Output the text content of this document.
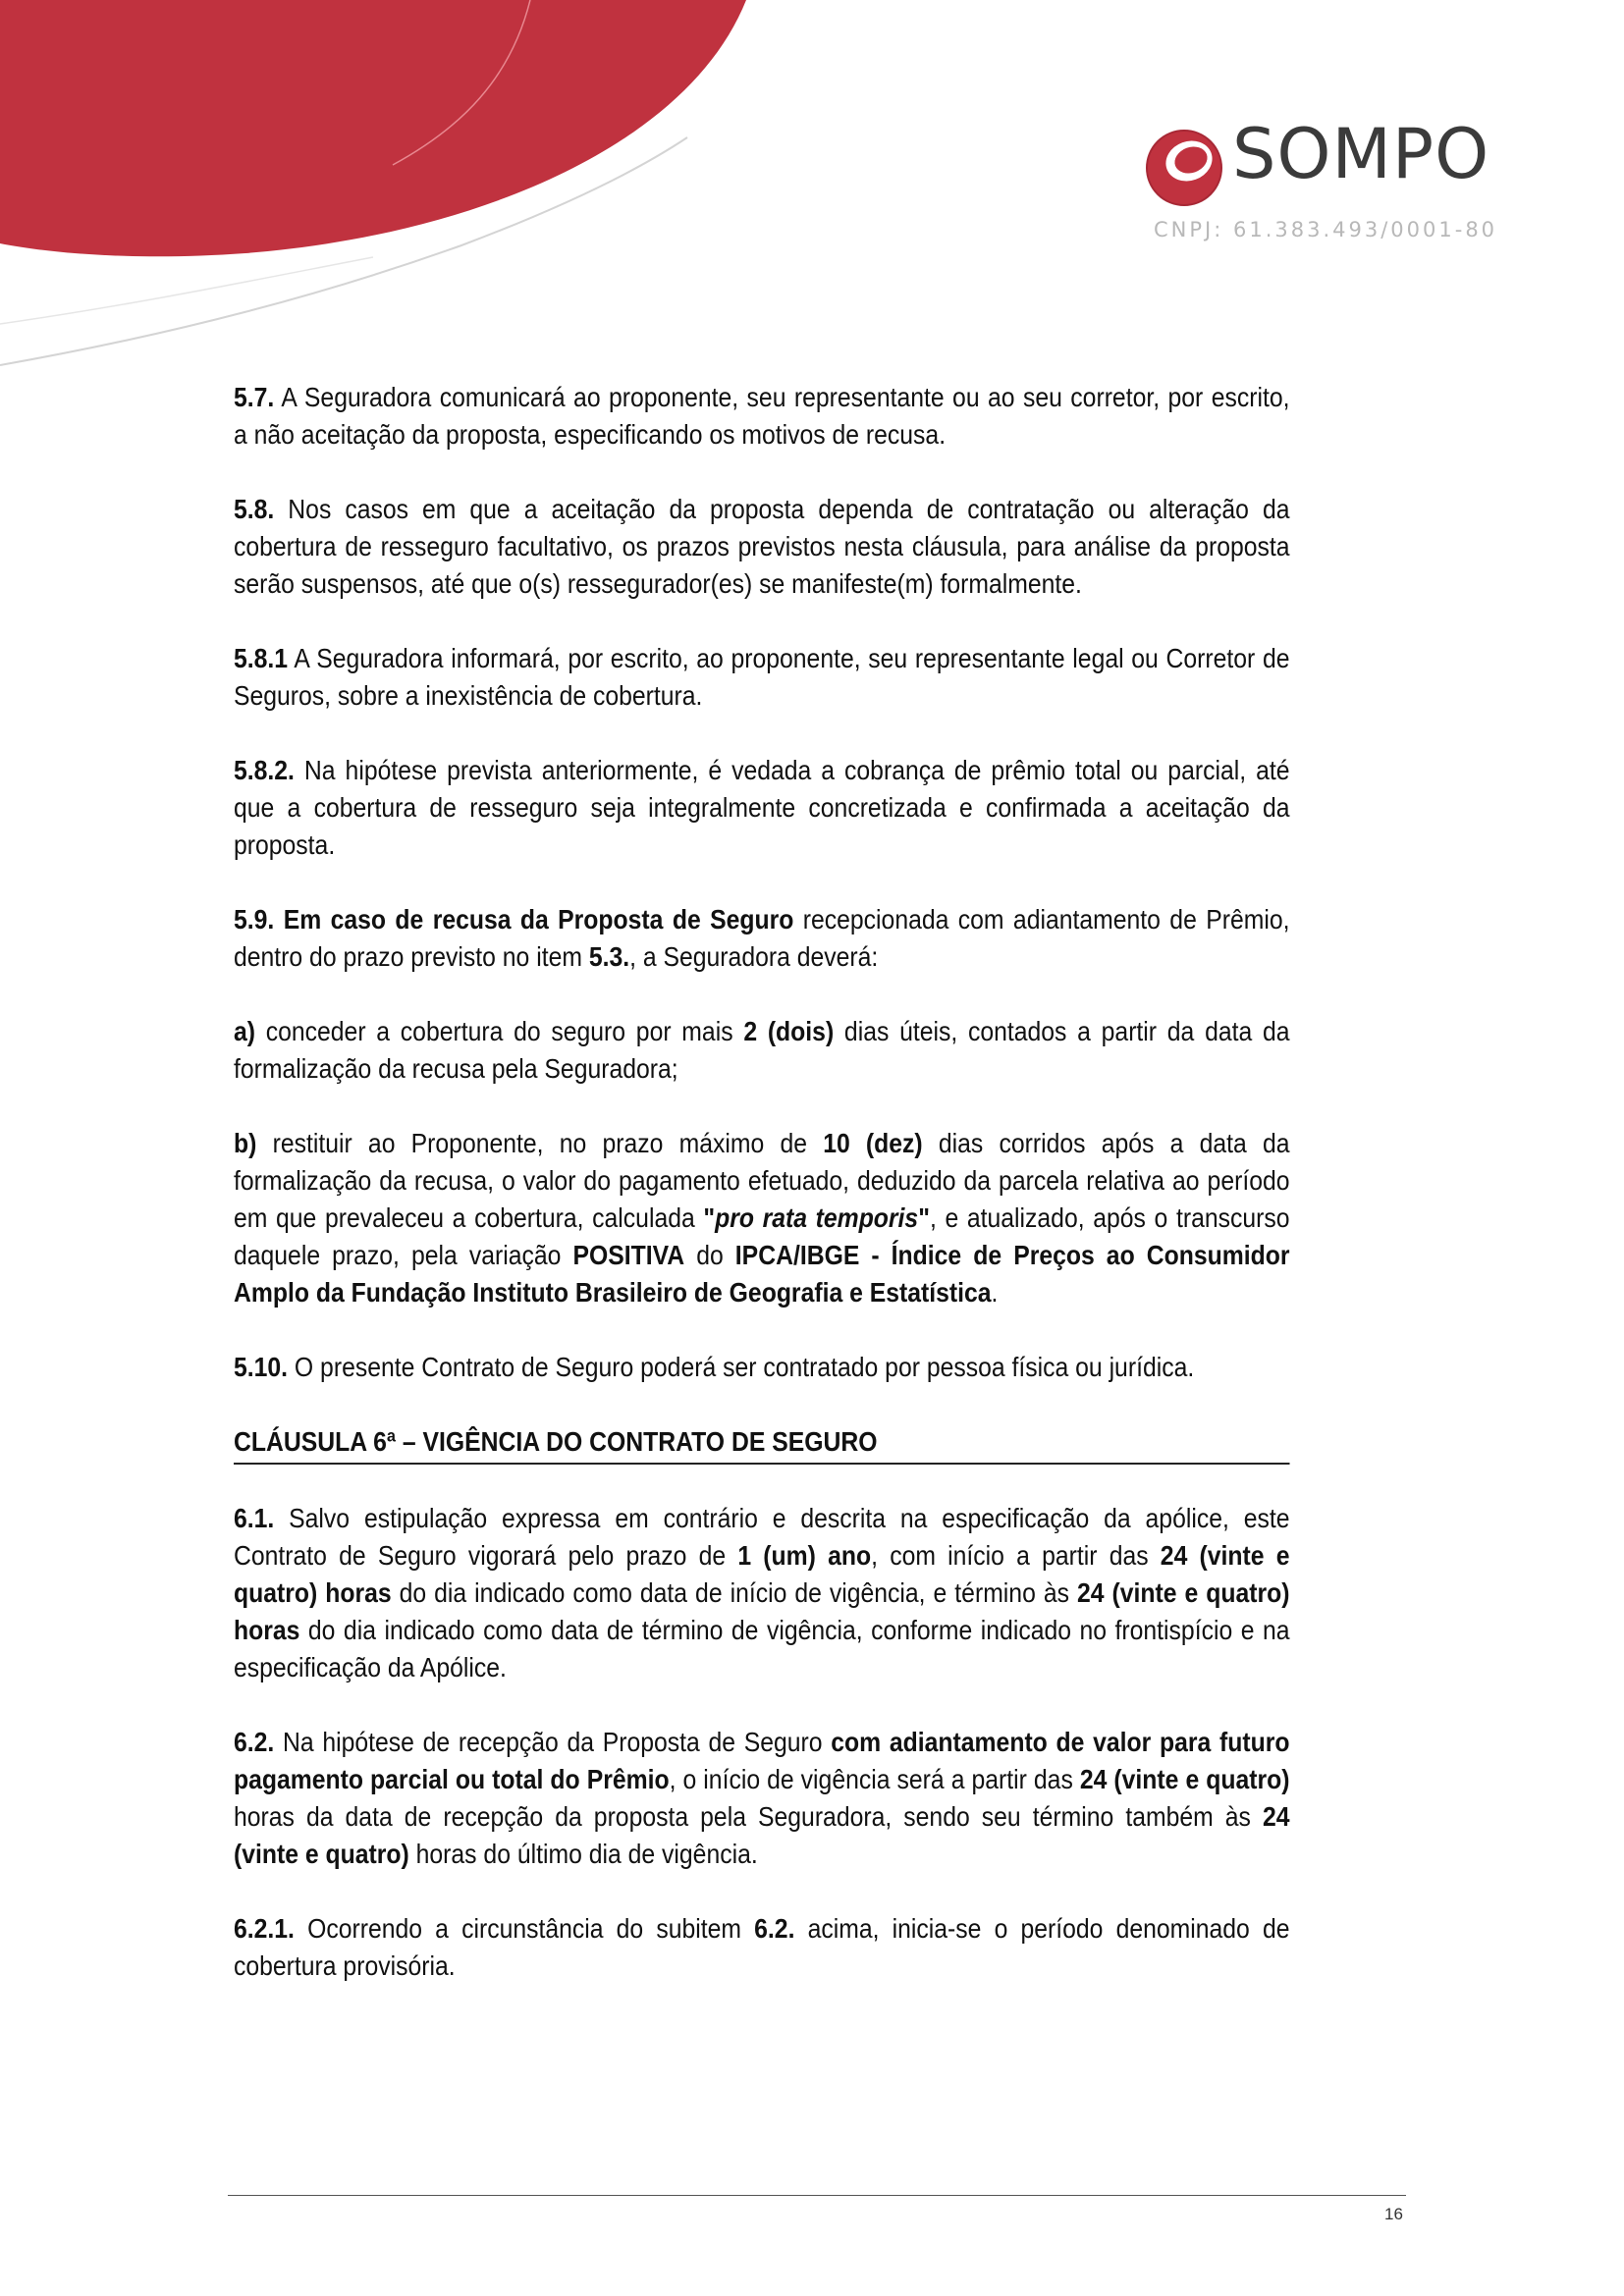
SOMPO
CNPJ: 61.383.493/0001-80

5.7. A Seguradora comunicará ao proponente, seu representante ou ao seu corretor, por escrito, a não aceitação da proposta, especificando os motivos de recusa.

5.8. Nos casos em que a aceitação da proposta dependa de contratação ou alteração da cobertura de resseguro facultativo, os prazos previstos nesta cláusula, para análise da proposta serão suspensos, até que o(s) ressegurador(es) se manifeste(m) formalmente.

5.8.1 A Seguradora informará, por escrito, ao proponente, seu representante legal ou Corretor de Seguros, sobre a inexistência de cobertura.

5.8.2. Na hipótese prevista anteriormente, é vedada a cobrança de prêmio total ou parcial, até que a cobertura de resseguro seja integralmente concretizada e confirmada a aceitação da proposta.

5.9. Em caso de recusa da Proposta de Seguro recepcionada com adiantamento de Prêmio, dentro do prazo previsto no item 5.3., a Seguradora deverá:

a) conceder a cobertura do seguro por mais 2 (dois) dias úteis, contados a partir da data da formalização da recusa pela Seguradora;

b) restituir ao Proponente, no prazo máximo de 10 (dez) dias corridos após a data da formalização da recusa, o valor do pagamento efetuado, deduzido da parcela relativa ao período em que prevaleceu a cobertura, calculada "pro rata temporis", e atualizado, após o transcurso daquele prazo, pela variação POSITIVA do IPCA/IBGE - Índice de Preços ao Consumidor Amplo da Fundação Instituto Brasileiro de Geografia e Estatística.

5.10. O presente Contrato de Seguro poderá ser contratado por pessoa física ou jurídica.

CLÁUSULA 6ª – VIGÊNCIA DO CONTRATO DE SEGURO

6.1. Salvo estipulação expressa em contrário e descrita na especificação da apólice, este Contrato de Seguro vigorará pelo prazo de 1 (um) ano, com início a partir das 24 (vinte e quatro) horas do dia indicado como data de início de vigência, e término às 24 (vinte e quatro) horas do dia indicado como data de término de vigência, conforme indicado no frontispício e na especificação da Apólice.

6.2. Na hipótese de recepção da Proposta de Seguro com adiantamento de valor para futuro pagamento parcial ou total do Prêmio, o início de vigência será a partir das 24 (vinte e quatro) horas da data de recepção da proposta pela Seguradora, sendo seu término também às 24 (vinte e quatro) horas do último dia de vigência.

6.2.1. Ocorrendo a circunstância do subitem 6.2. acima, inicia-se o período denominado de cobertura provisória.

16
